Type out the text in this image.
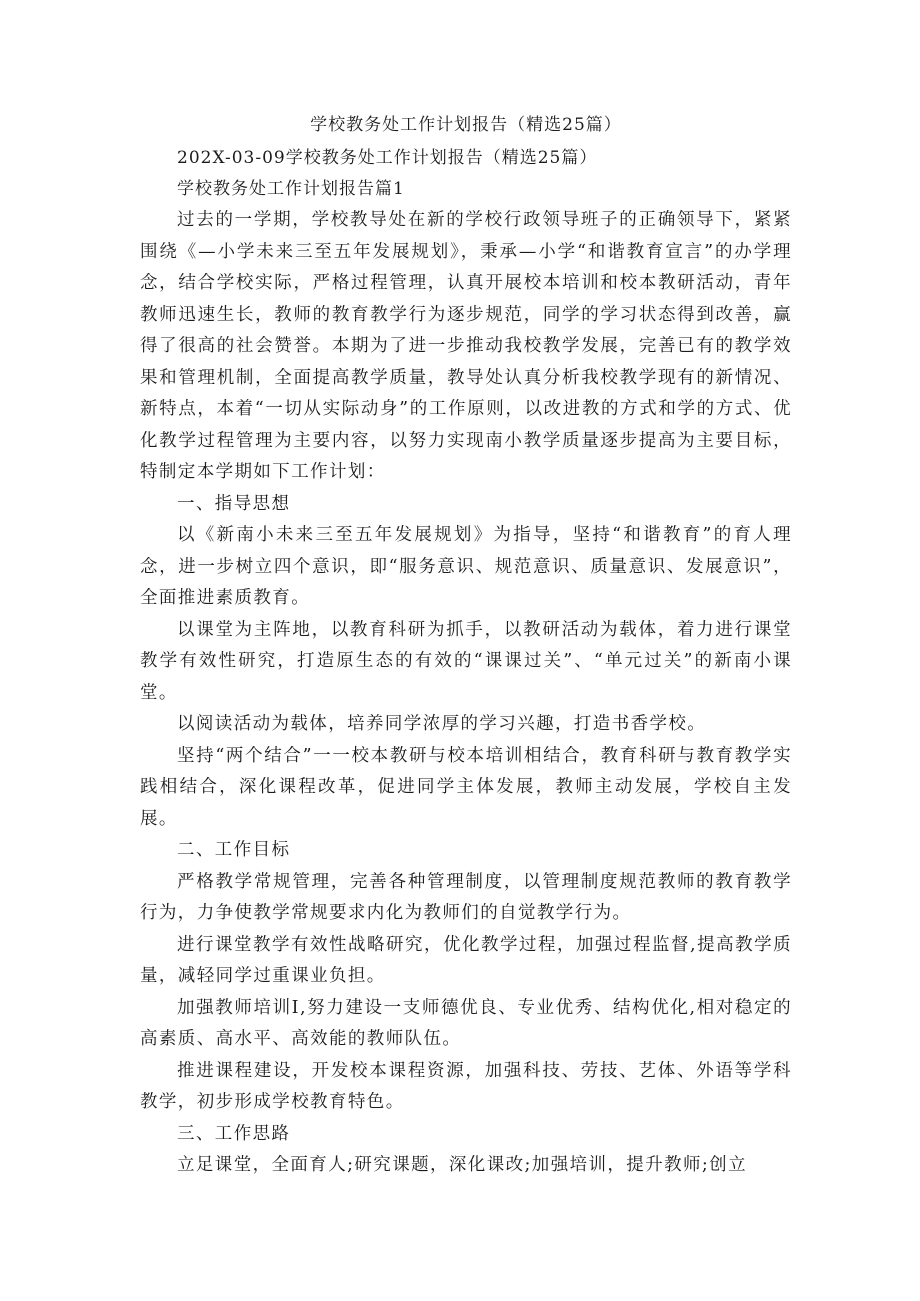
学校教务处工作计划报告（精选25篇）
202X-03-09学校教务处工作计划报告（精选25篇）
学校教务处工作计划报告篇1

过去的一学期，学校教导处在新的学校行政领导班子的正确领导下，紧紧围绕《—小学未来三至五年发展规划》，秉承—小学“和谐教育宣言”的办学理念，结合学校实际，严格过程管理，认真开展校本培训和校本教研活动，青年教师迅速生长，教师的教育教学行为逐步规范，同学的学习状态得到改善，赢得了很高的社会赞誉。本期为了进一步推动我校教学发展，完善已有的教学效果和管理机制，全面提高教学质量，教导处认真分析我校教学现有的新情况、新特点，本着“一切从实际动身”的工作原则，以改进教的方式和学的方式、优化教学过程管理为主要内容，以努力实现南小教学质量逐步提高为主要目标，特制定本学期如下工作计划：

一、指导思想

以《新南小未来三至五年发展规划》为指导，坚持“和谐教育”的育人理念，进一步树立四个意识，即“服务意识、规范意识、质量意识、发展意识”，全面推进素质教育。

以课堂为主阵地，以教育科研为抓手，以教研活动为载体，着力进行课堂教学有效性研究，打造原生态的有效的“课课过关”、“单元过关”的新南小课堂。

以阅读活动为载体，培养同学浓厚的学习兴趣，打造书香学校。

坚持“两个结合”一一校本教研与校本培训相结合，教育科研与教育教学实践相结合，深化课程改革，促进同学主体发展，教师主动发展，学校自主发展。

二、工作目标

严格教学常规管理，完善各种管理制度，以管理制度规范教师的教育教学行为，力争使教学常规要求内化为教师们的自觉教学行为。

进行课堂教学有效性战略研究，优化教学过程，加强过程监督,提高教学质量，减轻同学过重课业负担。

加强教师培训I,努力建设一支师德优良、专业优秀、结构优化,相对稳定的高素质、高水平、高效能的教师队伍。

推进课程建设，开发校本课程资源，加强科技、劳技、艺体、外语等学科教学，初步形成学校教育特色。

三、工作思路

立足课堂，全面育人;研究课题，深化课改;加强培训，提升教师;创立
